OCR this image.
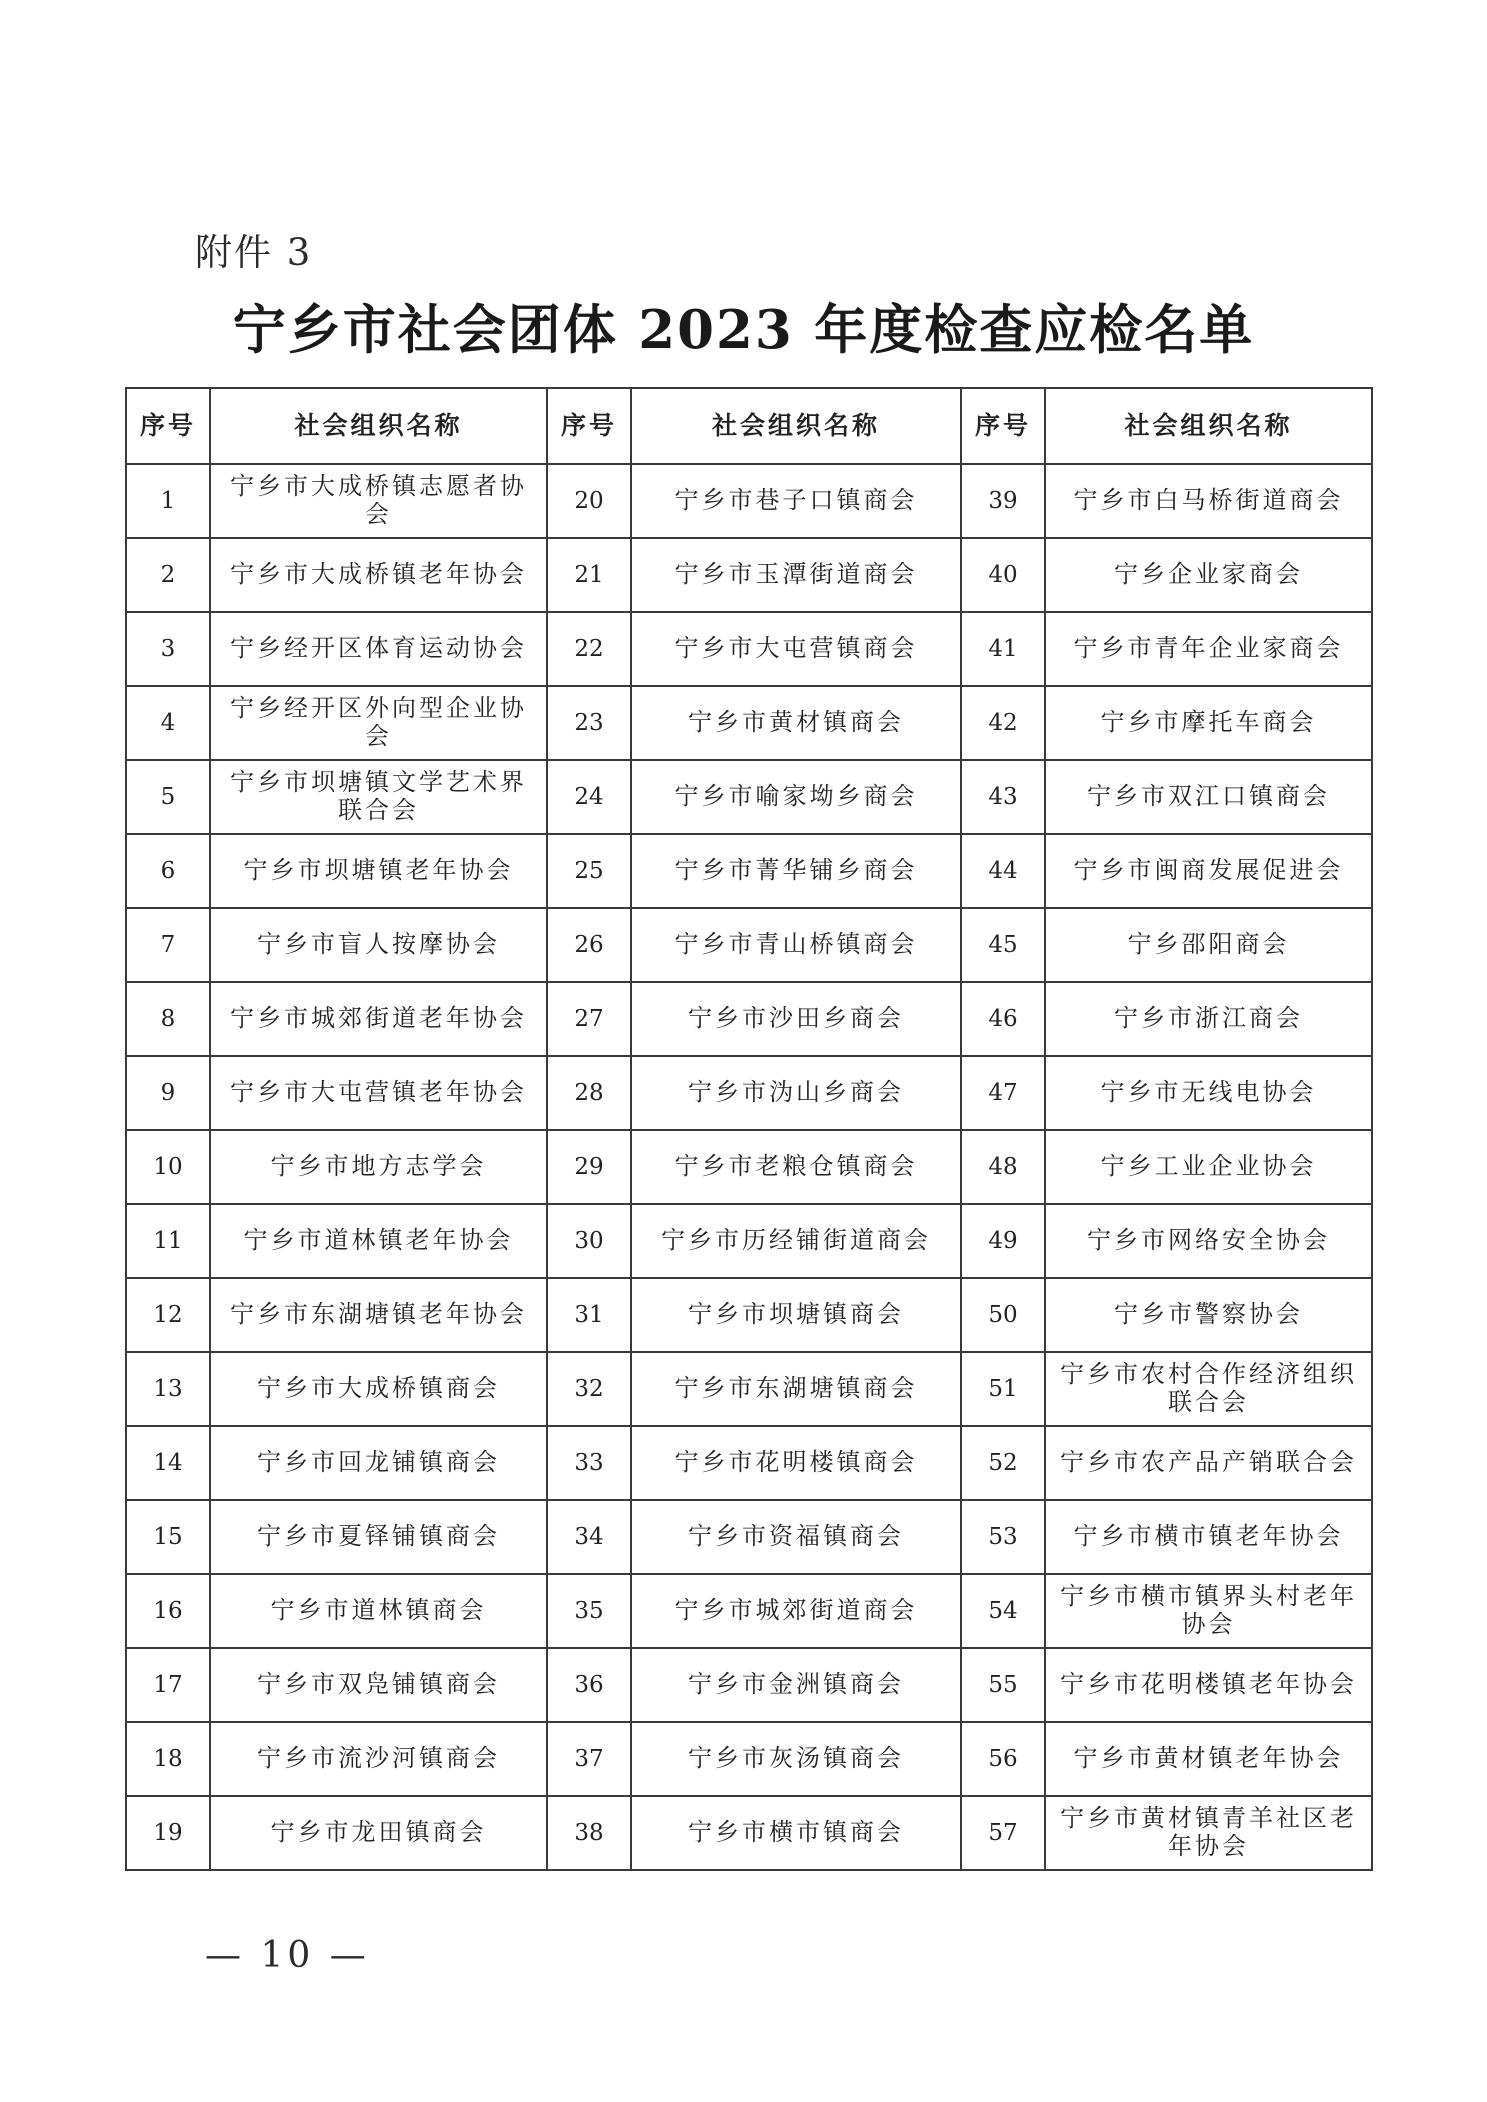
附件 3
宁乡市社会团体 2023 年度检查应检名单
序号	社会组织名称	序号	社会组织名称	序号	社会组织名称
1	宁乡市大成桥镇志愿者协会	20	宁乡市巷子口镇商会	39	宁乡市白马桥街道商会
2	宁乡市大成桥镇老年协会	21	宁乡市玉潭街道商会	40	宁乡企业家商会
3	宁乡经开区体育运动协会	22	宁乡市大屯营镇商会	41	宁乡市青年企业家商会
4	宁乡经开区外向型企业协会	23	宁乡市黄材镇商会	42	宁乡市摩托车商会
5	宁乡市坝塘镇文学艺术界联合会	24	宁乡市喻家坳乡商会	43	宁乡市双江口镇商会
6	宁乡市坝塘镇老年协会	25	宁乡市菁华铺乡商会	44	宁乡市闽商发展促进会
7	宁乡市盲人按摩协会	26	宁乡市青山桥镇商会	45	宁乡邵阳商会
8	宁乡市城郊街道老年协会	27	宁乡市沙田乡商会	46	宁乡市浙江商会
9	宁乡市大屯营镇老年协会	28	宁乡市沩山乡商会	47	宁乡市无线电协会
10	宁乡市地方志学会	29	宁乡市老粮仓镇商会	48	宁乡工业企业协会
11	宁乡市道林镇老年协会	30	宁乡市历经铺街道商会	49	宁乡市网络安全协会
12	宁乡市东湖塘镇老年协会	31	宁乡市坝塘镇商会	50	宁乡市警察协会
13	宁乡市大成桥镇商会	32	宁乡市东湖塘镇商会	51	宁乡市农村合作经济组织联合会
14	宁乡市回龙铺镇商会	33	宁乡市花明楼镇商会	52	宁乡市农产品产销联合会
15	宁乡市夏铎铺镇商会	34	宁乡市资福镇商会	53	宁乡市横市镇老年协会
16	宁乡市道林镇商会	35	宁乡市城郊街道商会	54	宁乡市横市镇界头村老年协会
17	宁乡市双凫铺镇商会	36	宁乡市金洲镇商会	55	宁乡市花明楼镇老年协会
18	宁乡市流沙河镇商会	37	宁乡市灰汤镇商会	56	宁乡市黄材镇老年协会
19	宁乡市龙田镇商会	38	宁乡市横市镇商会	57	宁乡市黄材镇青羊社区老年协会
— 10 —
